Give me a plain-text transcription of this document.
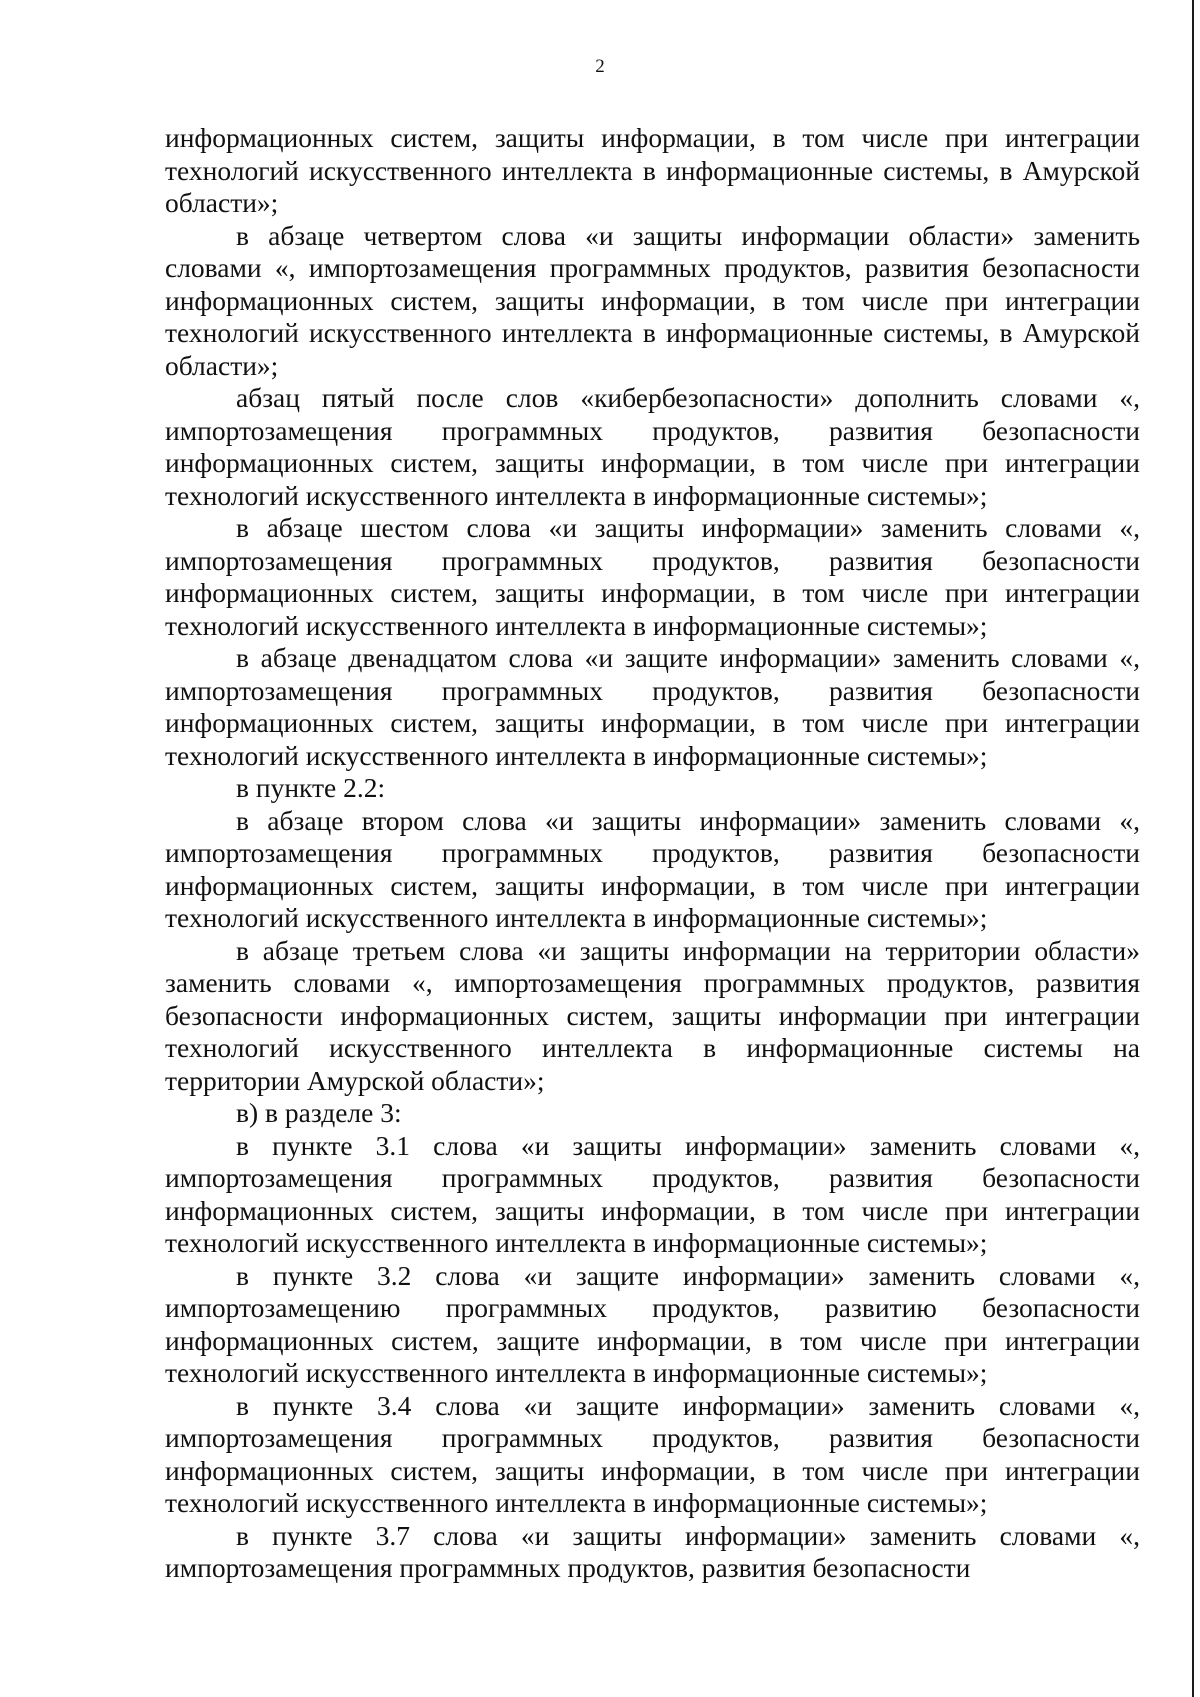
2

информационных систем, защиты информации, в том числе при интеграции технологий искусственного интеллекта в информационные системы, в Амурской области»;

в абзаце четвертом слова «и защиты информации области» заменить словами «, импортозамещения программных продуктов, развития безопасности информационных систем, защиты информации, в том числе при интеграции технологий искусственного интеллекта в информационные системы, в Амурской области»;

абзац пятый после слов «кибербезопасности» дополнить словами «, импортозамещения программных продуктов, развития безопасности информационных систем, защиты информации, в том числе при интеграции технологий искусственного интеллекта в информационные системы»;

в абзаце шестом слова «и защиты информации» заменить словами «, импортозамещения программных продуктов, развития безопасности информационных систем, защиты информации, в том числе при интеграции технологий искусственного интеллекта в информационные системы»;

в абзаце двенадцатом слова «и защите информации» заменить словами «, импортозамещения программных продуктов, развития безопасности информационных систем, защиты информации, в том числе при интеграции технологий искусственного интеллекта в информационные системы»;

в пункте 2.2:

в абзаце втором слова «и защиты информации» заменить словами «, импортозамещения программных продуктов, развития безопасности информационных систем, защиты информации, в том числе при интеграции технологий искусственного интеллекта в информационные системы»;

в абзаце третьем слова «и защиты информации на территории области» заменить словами «, импортозамещения программных продуктов, развития безопасности информационных систем, защиты информации при интеграции технологий искусственного интеллекта в информационные системы на территории Амурской области»;

в) в разделе 3:

в пункте 3.1 слова «и защиты информации» заменить словами «, импортозамещения программных продуктов, развития безопасности информационных систем, защиты информации, в том числе при интеграции технологий искусственного интеллекта в информационные системы»;

в пункте 3.2 слова «и защите информации» заменить словами «, импортозамещению программных продуктов, развитию безопасности информационных систем, защите информации, в том числе при интеграции технологий искусственного интеллекта в информационные системы»;

в пункте 3.4 слова «и защите информации» заменить словами «, импортозамещения программных продуктов, развития безопасности информационных систем, защиты информации, в том числе при интеграции технологий искусственного интеллекта в информационные системы»;

в пункте 3.7 слова «и защиты информации» заменить словами «, импортозамещения программных продуктов, развития безопасности
